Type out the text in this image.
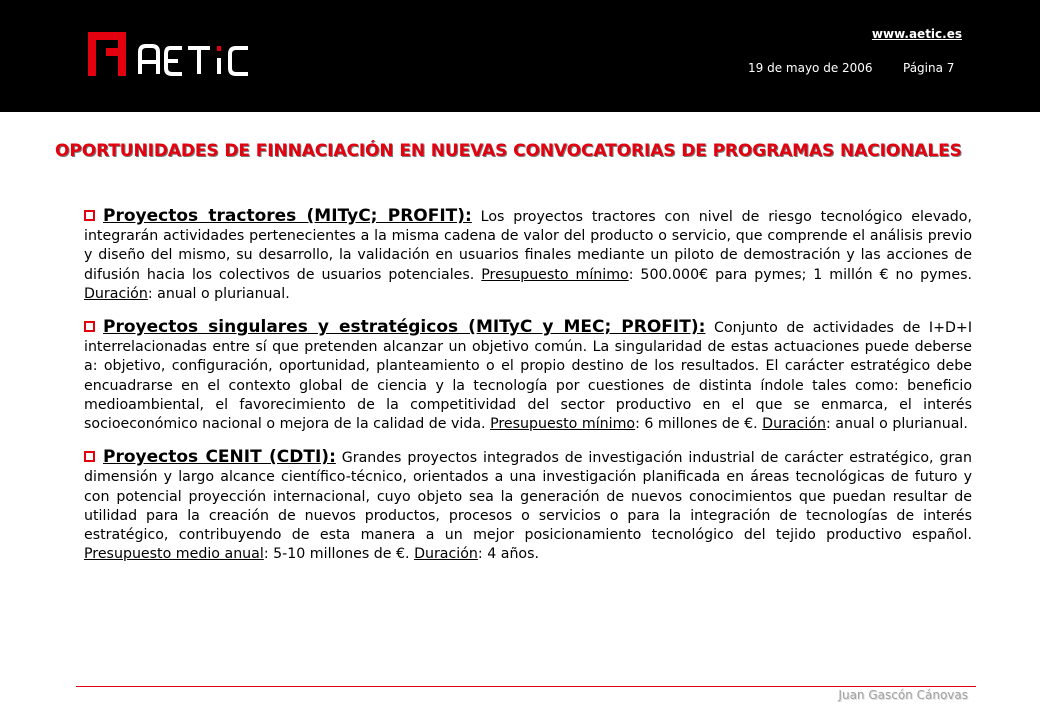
www.aetic.es
19 de mayo de 2006	Página 7
OPORTUNIDADES DE FINNACIACIÓN EN NUEVAS CONVOCATORIAS DE PROGRAMAS NACIONALES
Proyectos tractores (MITyC; PROFIT): Los proyectos tractores con nivel de riesgo tecnológico elevado, integrarán actividades pertenecientes a la misma cadena de valor del producto o servicio, que comprende el análisis previo y diseño del mismo, su desarrollo, la validación en usuarios finales mediante un piloto de demostración y las acciones de difusión hacia los colectivos de usuarios potenciales. Presupuesto mínimo: 500.000€ para pymes; 1 millón € no pymes. Duración: anual o plurianual.
Proyectos singulares y estratégicos (MITyC y MEC; PROFIT): Conjunto de actividades de I+D+I interrelacionadas entre sí que pretenden alcanzar un objetivo común. La singularidad de estas actuaciones puede deberse a: objetivo, configuración, oportunidad, planteamiento o el propio destino de los resultados. El carácter estratégico debe encuadrarse en el contexto global de ciencia y la tecnología por cuestiones de distinta índole tales como: beneficio medioambiental, el favorecimiento de la competitividad del sector productivo en el que se enmarca, el interés socioeconómico nacional o mejora de la calidad de vida. Presupuesto mínimo: 6 millones de €. Duración: anual o plurianual.
Proyectos CENIT (CDTI): Grandes proyectos integrados de investigación industrial de carácter estratégico, gran dimensión y largo alcance científico-técnico, orientados a una investigación planificada en áreas tecnológicas de futuro y con potencial proyección internacional, cuyo objeto sea la generación de nuevos conocimientos que puedan resultar de utilidad para la creación de nuevos productos, procesos o servicios o para la integración de tecnologías de interés estratégico, contribuyendo de esta manera a un mejor posicionamiento tecnológico del tejido productivo español. Presupuesto medio anual: 5-10 millones de €. Duración: 4 años.
Juan Gascón Cánovas
